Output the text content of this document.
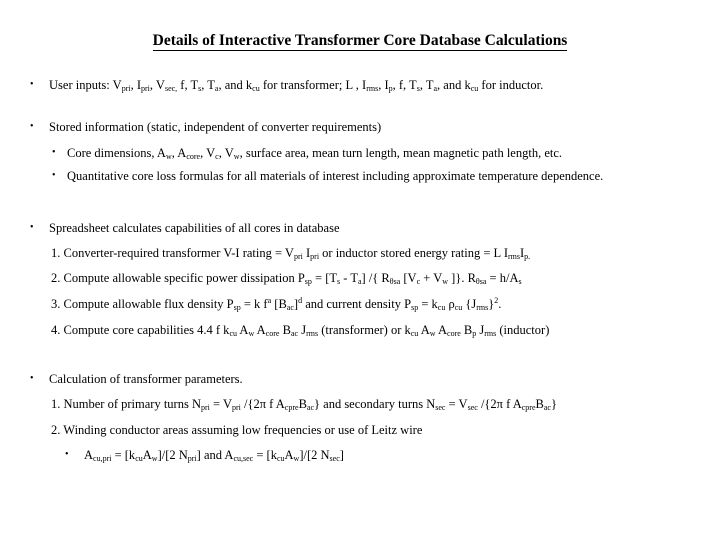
Details of Interactive Transformer Core Database Calculations
• User inputs: $V_{pri}$, $I_{pri}$, $V_{sec,}$ f, $T_s$, $T_a$, and $k_{cu}$ for transformer; L , $I_{rms}$, $I_p$, f, $T_s$, $T_a$, and $k_{cu}$ for inductor.
• Stored information (static, independent of converter requirements)
• Core dimensions, $A_w$, $A_{core}$, $V_c$, $V_w$, surface area, mean turn length, mean magnetic path length, etc.
• Quantitative core loss formulas for all materials of interest including approximate temperature dependence.
• Spreadsheet calculates capabilities of all cores in database
1. Converter-required transformer V-I rating = $V_{pri}$ $I_{pri}$ or inductor stored energy rating = L $I_{rms}I_{p.}$
2. Compute allowable specific power dissipation $P_{sp} = [T_s - T_a]$ /{ $R_{\theta sa}$ [$V_c + V_w$ ]}. $R_{\theta sa} = h/A_s$
3. Compute allowable flux density $P_{sp} = k$ $f^a$ $[B_{ac}]^d$ and current density $P_{sp} = k_{cu}$ $\rho_{cu}$ $\{J_{rms}\}^2$.
4. Compute core capabilities 4.4 f $k_{cu}$ $A_w$ $A_{core}$ $B_{ac}$ $J_{rms}$ (transformer) or $k_{cu}$ $A_w$ $A_{core}$ $B_p$ $J_{rms}$ (inductor)
• Calculation of transformer parameters.
1. Number of primary turns $N_{pri} = V_{pri}$ /{2π f $A_{cpre}B_{ac}$} and secondary turns $N_{sec} = V_{sec}$ /{2π f $A_{cpre}B_{ac}$}
2. Winding conductor areas assuming low frequencies or use of Leitz wire
• $A_{cu,pri} = [k_{cu}A_w]/[2$ $N_{pri}$] and $A_{cu,sec} = [k_{cu}A_w]/[2$ $N_{sec}$]
